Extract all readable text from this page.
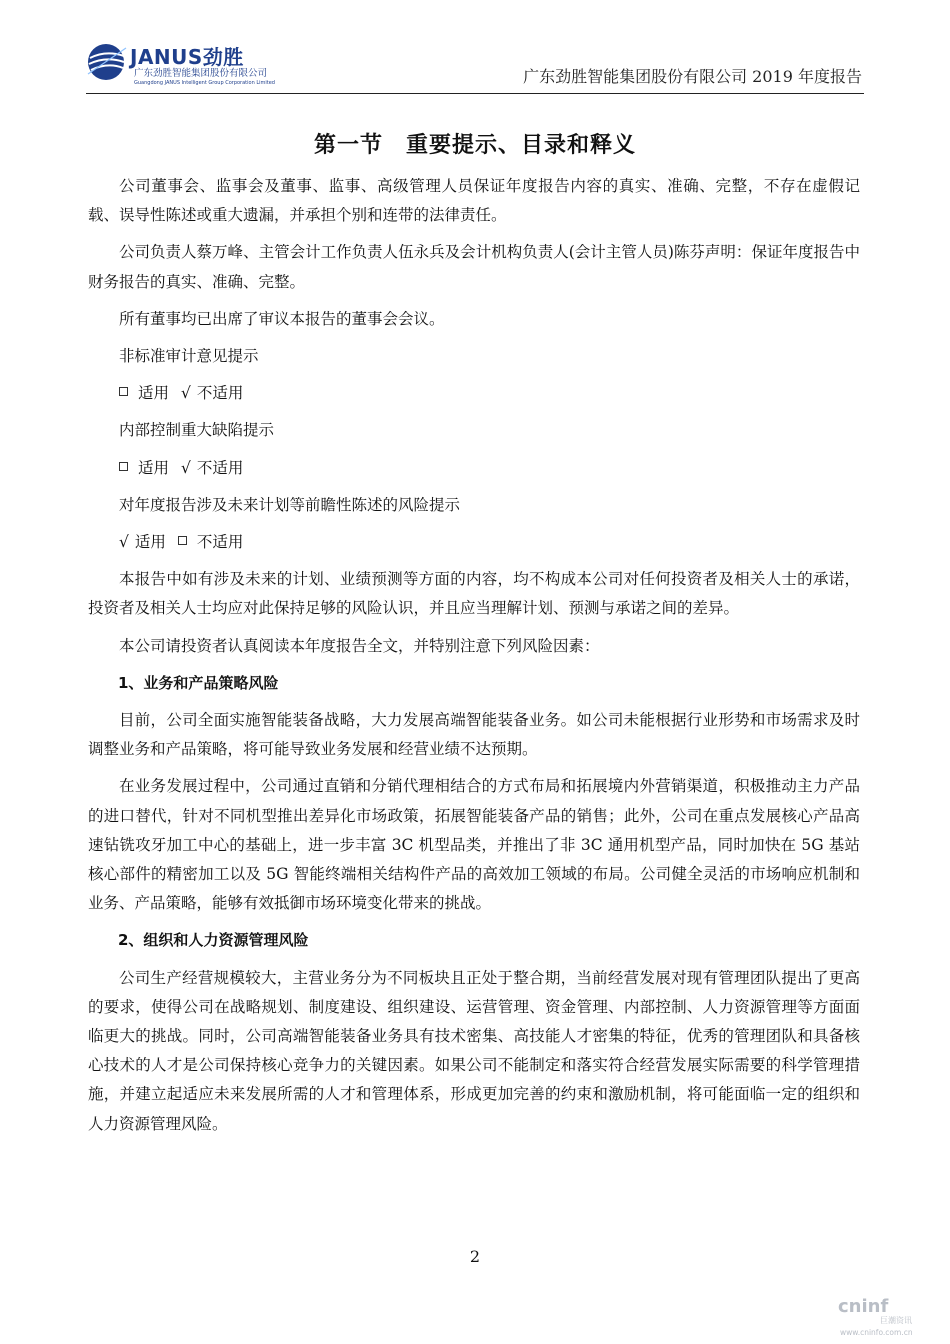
JANUS劲胜
广东劲胜智能集团股份有限公司
Guangdong JANUS Intelligent Group Corporation Limited	广东劲胜智能集团股份有限公司 2019 年度报告
第一节　重要提示、目录和释义

公司董事会、监事会及董事、监事、高级管理人员保证年度报告内容的真实、准确、完整，不存在虚假记载、误导性陈述或重大遗漏，并承担个别和连带的法律责任。

公司负责人蔡万峰、主管会计工作负责人伍永兵及会计机构负责人(会计主管人员)陈芬声明：保证年度报告中财务报告的真实、准确、完整。

所有董事均已出席了审议本报告的董事会会议。

非标准审计意见提示

适用 √ 不适用

内部控制重大缺陷提示

适用 √ 不适用

对年度报告涉及未来计划等前瞻性陈述的风险提示

√ 适用 不适用

本报告中如有涉及未来的计划、业绩预测等方面的内容，均不构成本公司对任何投资者及相关人士的承诺，投资者及相关人士均应对此保持足够的风险认识，并且应当理解计划、预测与承诺之间的差异。

本公司请投资者认真阅读本年度报告全文，并特别注意下列风险因素：

1、业务和产品策略风险

目前，公司全面实施智能装备战略，大力发展高端智能装备业务。如公司未能根据行业形势和市场需求及时调整业务和产品策略，将可能导致业务发展和经营业绩不达预期。

在业务发展过程中，公司通过直销和分销代理相结合的方式布局和拓展境内外营销渠道，积极推动主力产品的进口替代，针对不同机型推出差异化市场政策，拓展智能装备产品的销售；此外，公司在重点发展核心产品高速钻铣攻牙加工中心的基础上，进一步丰富 3C 机型品类，并推出了非 3C 通用机型产品，同时加快在 5G 基站核心部件的精密加工以及 5G 智能终端相关结构件产品的高效加工领域的布局。公司健全灵活的市场响应机制和业务、产品策略，能够有效抵御市场环境变化带来的挑战。

2、组织和人力资源管理风险

公司生产经营规模较大，主营业务分为不同板块且正处于整合期，当前经营发展对现有管理团队提出了更高的要求，使得公司在战略规划、制度建设、组织建设、运营管理、资金管理、内部控制、人力资源管理等方面面临更大的挑战。同时，公司高端智能装备业务具有技术密集、高技能人才密集的特征，优秀的管理团队和具备核心技术的人才是公司保持核心竞争力的关键因素。如果公司不能制定和落实符合经营发展实际需要的科学管理措施，并建立起适应未来发展所需的人才和管理体系，形成更加完善的约束和激励机制，将可能面临一定的组织和人力资源管理风险。

2
cninf
巨潮资讯
www.cninfo.com.cn
